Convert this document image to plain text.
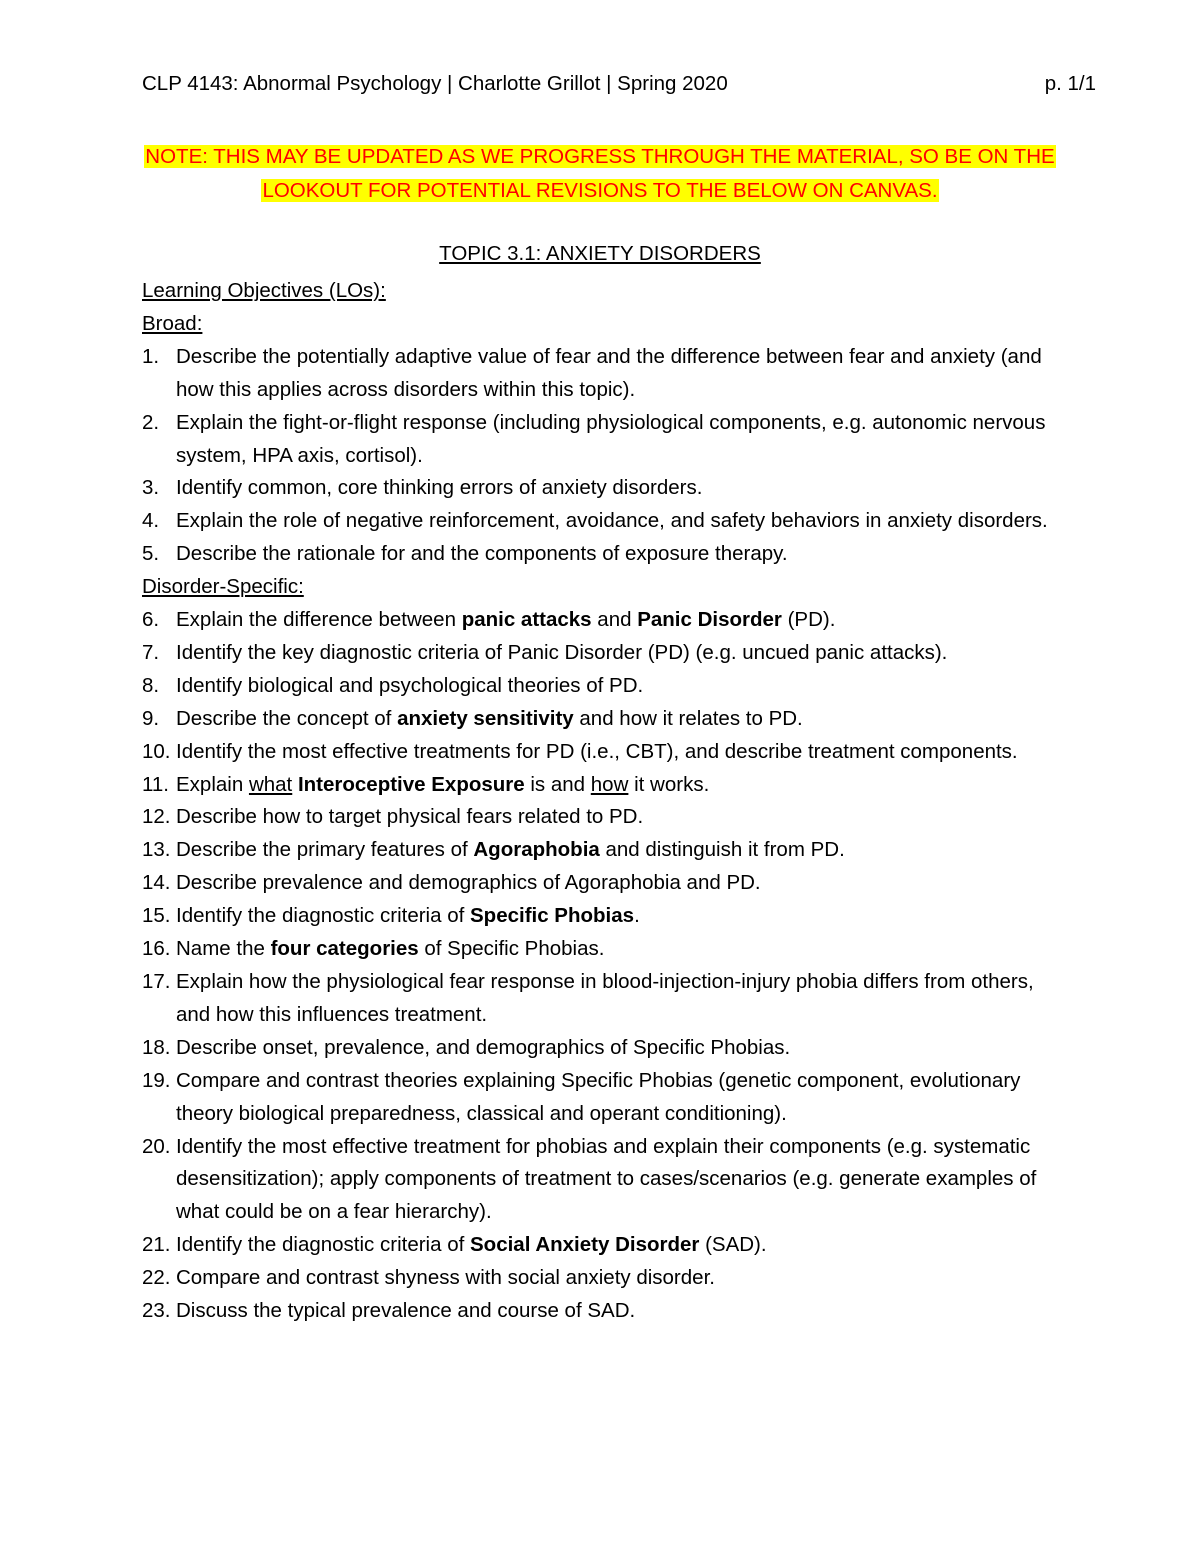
CLP 4143: Abnormal Psychology | Charlotte Grillot | Spring 2020	p. 1/1
NOTE: THIS MAY BE UPDATED AS WE PROGRESS THROUGH THE MATERIAL, SO BE ON THE
LOOKOUT FOR POTENTIAL REVISIONS TO THE BELOW ON CANVAS.
TOPIC 3.1: ANXIETY DISORDERS
Learning Objectives (LOs):
Broad:
1. Describe the potentially adaptive value of fear and the difference between fear and anxiety (and how this applies across disorders within this topic).
2. Explain the fight-or-flight response (including physiological components, e.g. autonomic nervous system, HPA axis, cortisol).
3. Identify common, core thinking errors of anxiety disorders.
4. Explain the role of negative reinforcement, avoidance, and safety behaviors in anxiety disorders.
5. Describe the rationale for and the components of exposure therapy.
Disorder-Specific:
6. Explain the difference between panic attacks and Panic Disorder (PD).
7. Identify the key diagnostic criteria of Panic Disorder (PD) (e.g. uncued panic attacks).
8. Identify biological and psychological theories of PD.
9. Describe the concept of anxiety sensitivity and how it relates to PD.
10. Identify the most effective treatments for PD (i.e., CBT), and describe treatment components.
11. Explain what Interoceptive Exposure is and how it works.
12. Describe how to target physical fears related to PD.
13. Describe the primary features of Agoraphobia and distinguish it from PD.
14. Describe prevalence and demographics of Agoraphobia and PD.
15. Identify the diagnostic criteria of Specific Phobias.
16. Name the four categories of Specific Phobias.
17. Explain how the physiological fear response in blood-injection-injury phobia differs from others, and how this influences treatment.
18. Describe onset, prevalence, and demographics of Specific Phobias.
19. Compare and contrast theories explaining Specific Phobias (genetic component, evolutionary theory biological preparedness, classical and operant conditioning).
20. Identify the most effective treatment for phobias and explain their components (e.g. systematic desensitization); apply components of treatment to cases/scenarios (e.g. generate examples of what could be on a fear hierarchy).
21. Identify the diagnostic criteria of Social Anxiety Disorder (SAD).
22. Compare and contrast shyness with social anxiety disorder.
23. Discuss the typical prevalence and course of SAD.
